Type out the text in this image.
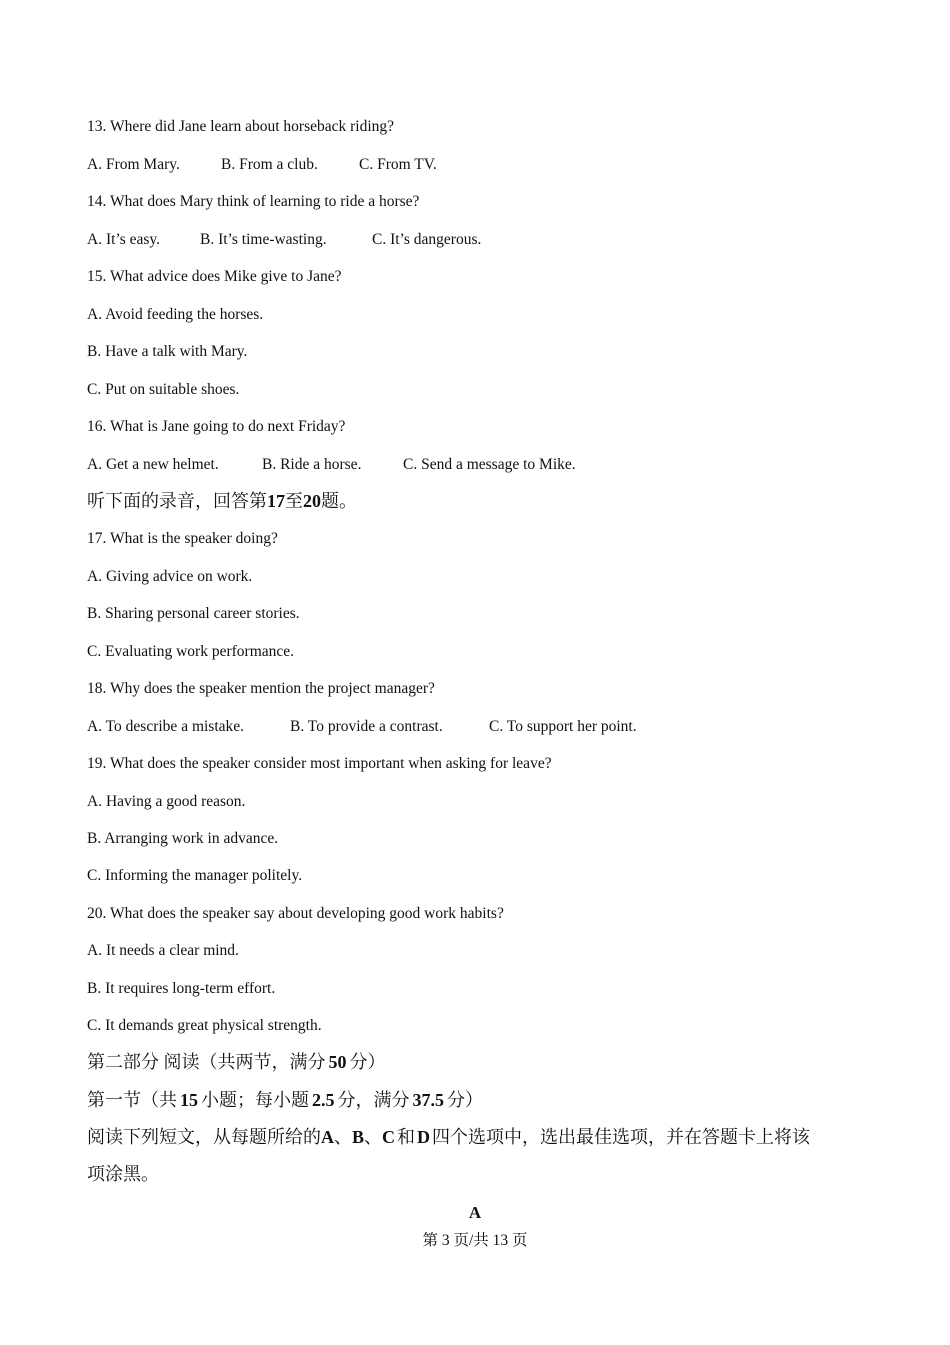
13. Where did Jane learn about horseback riding?
A. From Mary.	B. From a club.	C. From TV.
14. What does Mary think of learning to ride a horse?
A. It’s easy.	B. It’s time-wasting.	C. It’s dangerous.
15. What advice does Mike give to Jane?
A. Avoid feeding the horses.
B. Have a talk with Mary.
C. Put on suitable shoes.
16. What is Jane going to do next Friday?
A. Get a new helmet.	B. Ride a horse.	C. Send a message to Mike.
听下面的录音，回答第17至20题。
17. What is the speaker doing?
A. Giving advice on work.
B. Sharing personal career stories.
C. Evaluating work performance.
18. Why does the speaker mention the project manager?
A. To describe a mistake.	B. To provide a contrast.	C. To support her point.
19. What does the speaker consider most important when asking for leave?
A. Having a good reason.
B. Arranging work in advance.
C. Informing the manager politely.
20. What does the speaker say about developing good work habits?
A. It needs a clear mind.
B. It requires long-term effort.
C. It demands great physical strength.
第二部分 阅读（共两节，满分 50 分）
第一节（共 15 小题；每小题 2.5 分，满分 37.5 分）
阅读下列短文，从每题所给的A、B、C 和 D 四个选项中，选出最佳选项，并在答题卡上将该
项涂黑。
A
第 3 页/共 13 页
